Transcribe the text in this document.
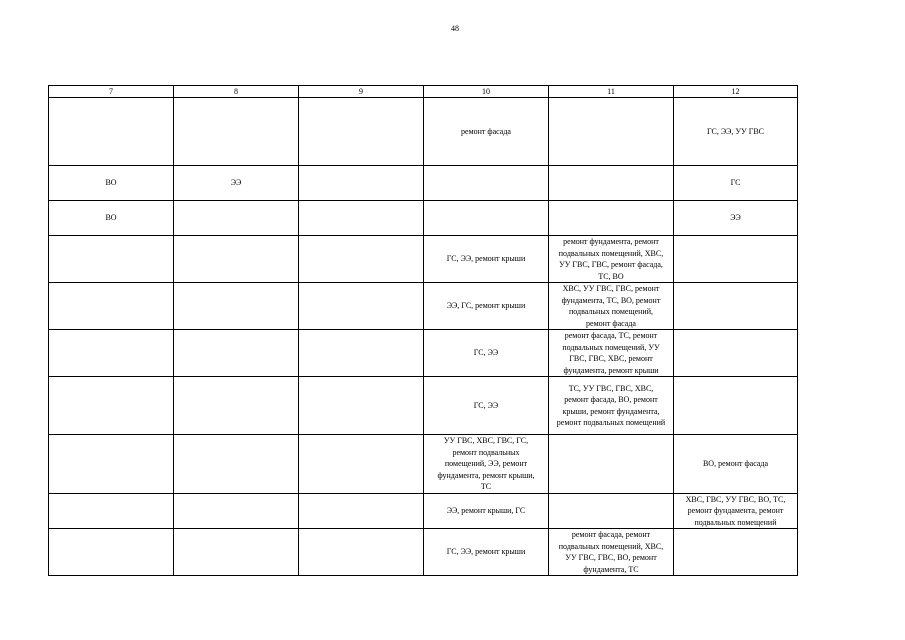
48
7	8	9	10	11	12

			ремонт фасада		ГС, ЭЭ, УУ ГВС

ВО	ЭЭ				ГС

ВО					ЭЭ

			ГС, ЭЭ, ремонт крыши	ремонт фундамента, ремонт
подвальных помещений, ХВС,
УУ ГВС, ГВС, ремонт фасада,
ТС, ВО	

			ЭЭ, ГС, ремонт крыши	ХВС, УУ ГВС, ГВС, ремонт
фундамента, ТС, ВО, ремонт
подвальных помещений,
ремонт фасада	

			ГС, ЭЭ	ремонт фасада, ТС, ремонт
подвальных помещений, УУ
ГВС, ГВС, ХВС, ремонт
фундамента, ремонт крыши	

			ГС, ЭЭ	ТС, УУ ГВС, ГВС, ХВС,
ремонт фасада, ВО, ремонт
крыши, ремонт фундамента,
ремонт подвальных помещений	

			УУ ГВС, ХВС, ГВС, ГС,
ремонт подвальных
помещений, ЭЭ, ремонт
фундамента, ремонт крыши,
ТС		ВО, ремонт фасада

			ЭЭ, ремонт крыши, ГС		ХВС, ГВС, УУ ГВС, ВО, ТС,
ремонт фундамента, ремонт
подвальных помещений

			ГС, ЭЭ, ремонт крыши	ремонт фасада, ремонт
подвальных помещений, ХВС,
УУ ГВС, ГВС, ВО, ремонт
фундамента, ТС	
